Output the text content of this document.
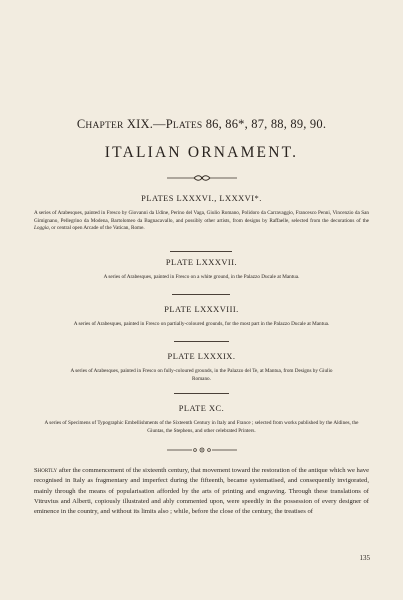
CHAPTER XIX.—PLATES 86, 86*, 87, 88, 89, 90.
ITALIAN ORNAMENT.
PLATES LXXXVI., LXXXVI*.
A series of Arabesques, painted in Fresco by Giovanni da Udine, Perino del Vaga, Giulio Romano, Polidoro da Carravaggio, Francesco Penni, Vincenzio da San Gimignano, Pellegrino da Modena, Bartolomeo da Bagnacavallo, and possibly other artists, from designs by Raffaelle, selected from the decorations of the Loggia, or central open Arcade of the Vatican, Rome.
PLATE LXXXVII.
A series of Arabesques, painted in Fresco on a white ground, in the Palazzo Ducale at Mantua.
PLATE LXXXVIII.
A series of Arabesques, painted in Fresco on partially-coloured grounds, for the most part in the Palazzo Ducale at Mantua.
PLATE LXXXIX.
A series of Arabesques, painted in Fresco on fully-coloured grounds, in the Palazzo del Te, at Mantua, from Designs by Giulio Romano.
PLATE XC.
A series of Specimens of Typographic Embellishments of the Sixteenth Century in Italy and France ; selected from works published by the Aldines, the Giuntas, the Stephens, and other celebrated Printers.
Shortly after the commencement of the sixteenth century, that movement toward the restoration of the antique which we have recognised in Italy as fragmentary and imperfect during the fifteenth, became systematised, and consequently invigorated, mainly through the means of popularisation afforded by the arts of printing and engraving. Through these translations of Vitruvius and Alberti, copiously illustrated and ably commented upon, were speedily in the possession of every designer of eminence in the country, and without its limits also ; while, before the close of the century, the treatises of
135
